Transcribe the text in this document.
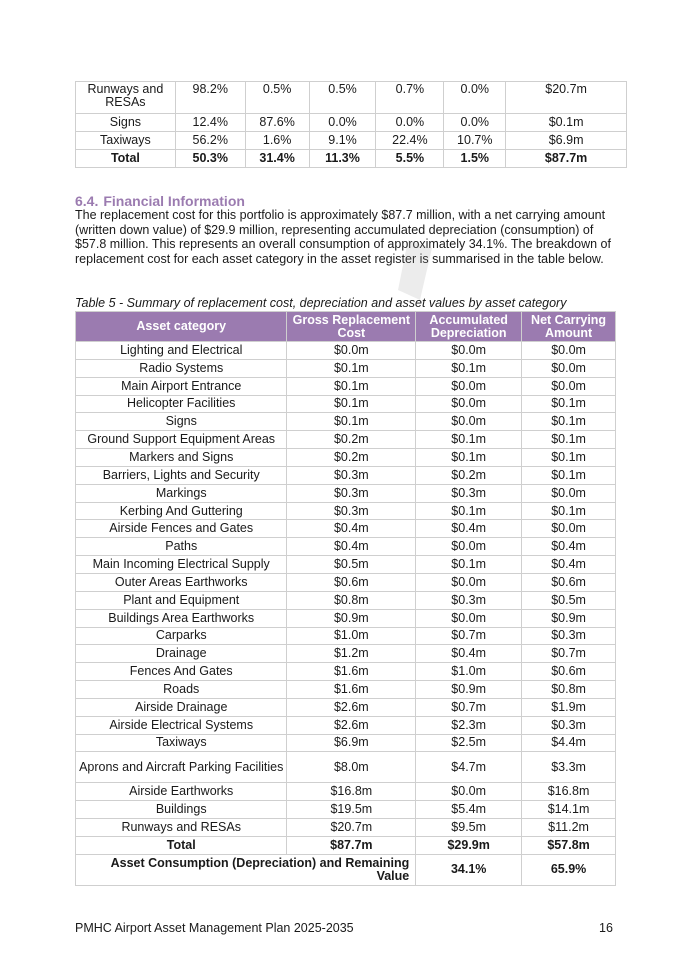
Runways and RESAs	98.2%	0.5%	0.5%	0.7%	0.0%	$20.7m
Signs	12.4%	87.6%	0.0%	0.0%	0.0%	$0.1m
Taxiways	56.2%	1.6%	9.1%	22.4%	10.7%	$6.9m
Total	50.3%	31.4%	11.3%	5.5%	1.5%	$87.7m
6.4. Financial Information

The replacement cost for this portfolio is approximately $87.7 million, with a net carrying amount (written down value) of $29.9 million, representing accumulated depreciation (consumption) of $57.8 million. This represents an overall consumption of approximately 34.1%. The breakdown of replacement cost for each asset category in the asset register is summarised in the table below.

Table 5 - Summary of replacement cost, depreciation and asset values by asset category
Asset category	Gross Replacement Cost	Accumulated Depreciation	Net Carrying Amount
Lighting and Electrical	$0.0m	$0.0m	$0.0m
Radio Systems	$0.1m	$0.1m	$0.0m
Main Airport Entrance	$0.1m	$0.0m	$0.0m
Helicopter Facilities	$0.1m	$0.0m	$0.1m
Signs	$0.1m	$0.0m	$0.1m
Ground Support Equipment Areas	$0.2m	$0.1m	$0.1m
Markers and Signs	$0.2m	$0.1m	$0.1m
Barriers, Lights and Security	$0.3m	$0.2m	$0.1m
Markings	$0.3m	$0.3m	$0.0m
Kerbing And Guttering	$0.3m	$0.1m	$0.1m
Airside Fences and Gates	$0.4m	$0.4m	$0.0m
Paths	$0.4m	$0.0m	$0.4m
Main Incoming Electrical Supply	$0.5m	$0.1m	$0.4m
Outer Areas Earthworks	$0.6m	$0.0m	$0.6m
Plant and Equipment	$0.8m	$0.3m	$0.5m
Buildings Area Earthworks	$0.9m	$0.0m	$0.9m
Carparks	$1.0m	$0.7m	$0.3m
Drainage	$1.2m	$0.4m	$0.7m
Fences And Gates	$1.6m	$1.0m	$0.6m
Roads	$1.6m	$0.9m	$0.8m
Airside Drainage	$2.6m	$0.7m	$1.9m
Airside Electrical Systems	$2.6m	$2.3m	$0.3m
Taxiways	$6.9m	$2.5m	$4.4m
Aprons and Aircraft Parking Facilities	$8.0m	$4.7m	$3.3m
Airside Earthworks	$16.8m	$0.0m	$16.8m
Buildings	$19.5m	$5.4m	$14.1m
Runways and RESAs	$20.7m	$9.5m	$11.2m
Total	$87.7m	$29.9m	$57.8m
Asset Consumption (Depreciation) and Remaining Value		34.1%	65.9%
PMHC Airport Asset Management Plan 2025-2035	16
